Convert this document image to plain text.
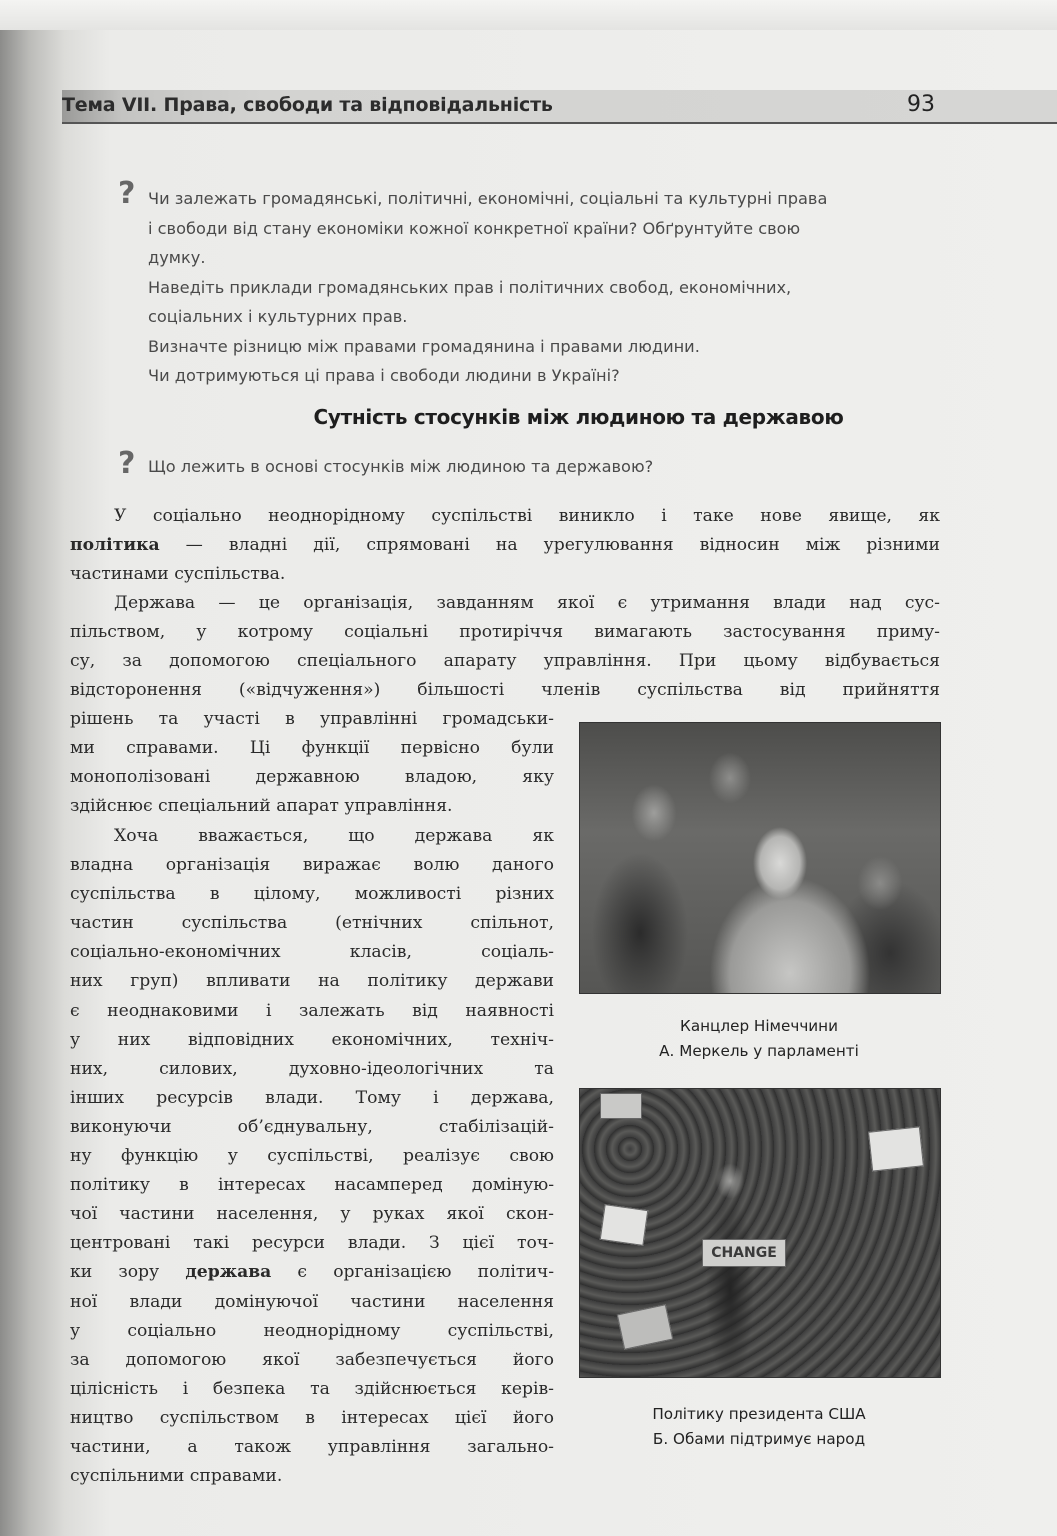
Тема VII. Права, свободи та відповідальність	93
? Чи залежать громадянські, політичні, економічні, соціальні та культурні права
і свободи від стану економіки кожної конкретної країни? Обґрунтуйте свою
думку.
Наведіть приклади громадянських прав і політичних свобод, економічних,
соціальних і культурних прав.
Визначте різницю між правами громадянина і правами людини.
Чи дотримуються ці права і свободи людини в Україні?
Сутність стосунків між людиною та державою
? Що лежить в основі стосунків між людиною та державою?
У соціально неоднорідному суспільстві виникло і таке нове явище, як
політика — владні дії, спрямовані на урегулювання відносин між різними
частинами суспільства.
Держава — це організація, завданням якої є утримання влади над сус-
пільством, у котрому соціальні протиріччя вимагають застосування приму-
су, за допомогою спеціального апарату управління. При цьому відбувається
відсторонення («відчуження») більшості членів суспільства від прийняття
рішень та участі в управлінні громадськи-
ми справами. Ці функції первісно були
монополізовані державною владою, яку
здійснює спеціальний апарат управління.
Хоча вважається, що держава як
владна організація виражає волю даного
суспільства в цілому, можливості різних
частин суспільства (етнічних спільнот,
соціально-економічних класів, соціаль-
них груп) впливати на політику держави
є неоднаковими і залежать від наявності
у них відповідних економічних, техніч-
них, силових, духовно-ідеологічних та
інших ресурсів влади. Тому і держава,
виконуючи об’єднувальну, стабілізацій-
ну функцію у суспільстві, реалізує свою
політику в інтересах насамперед доміную-
чої частини населення, у руках якої скон-
центровані такі ресурси влади. З цієї точ-
ки зору держава є організацією політич-
ної влади домінуючої частини населення
у соціально неоднорідному суспільстві,
за допомогою якої забезпечується його
цілісність і безпека та здійснюється керів-
ництво суспільством в інтересах цієї його
частини, а також управління загально-
суспільними справами.
Канцлер Німеччини
А. Меркель у парламенті
CHANGE
Політику президента США
Б. Обами підтримує народ
